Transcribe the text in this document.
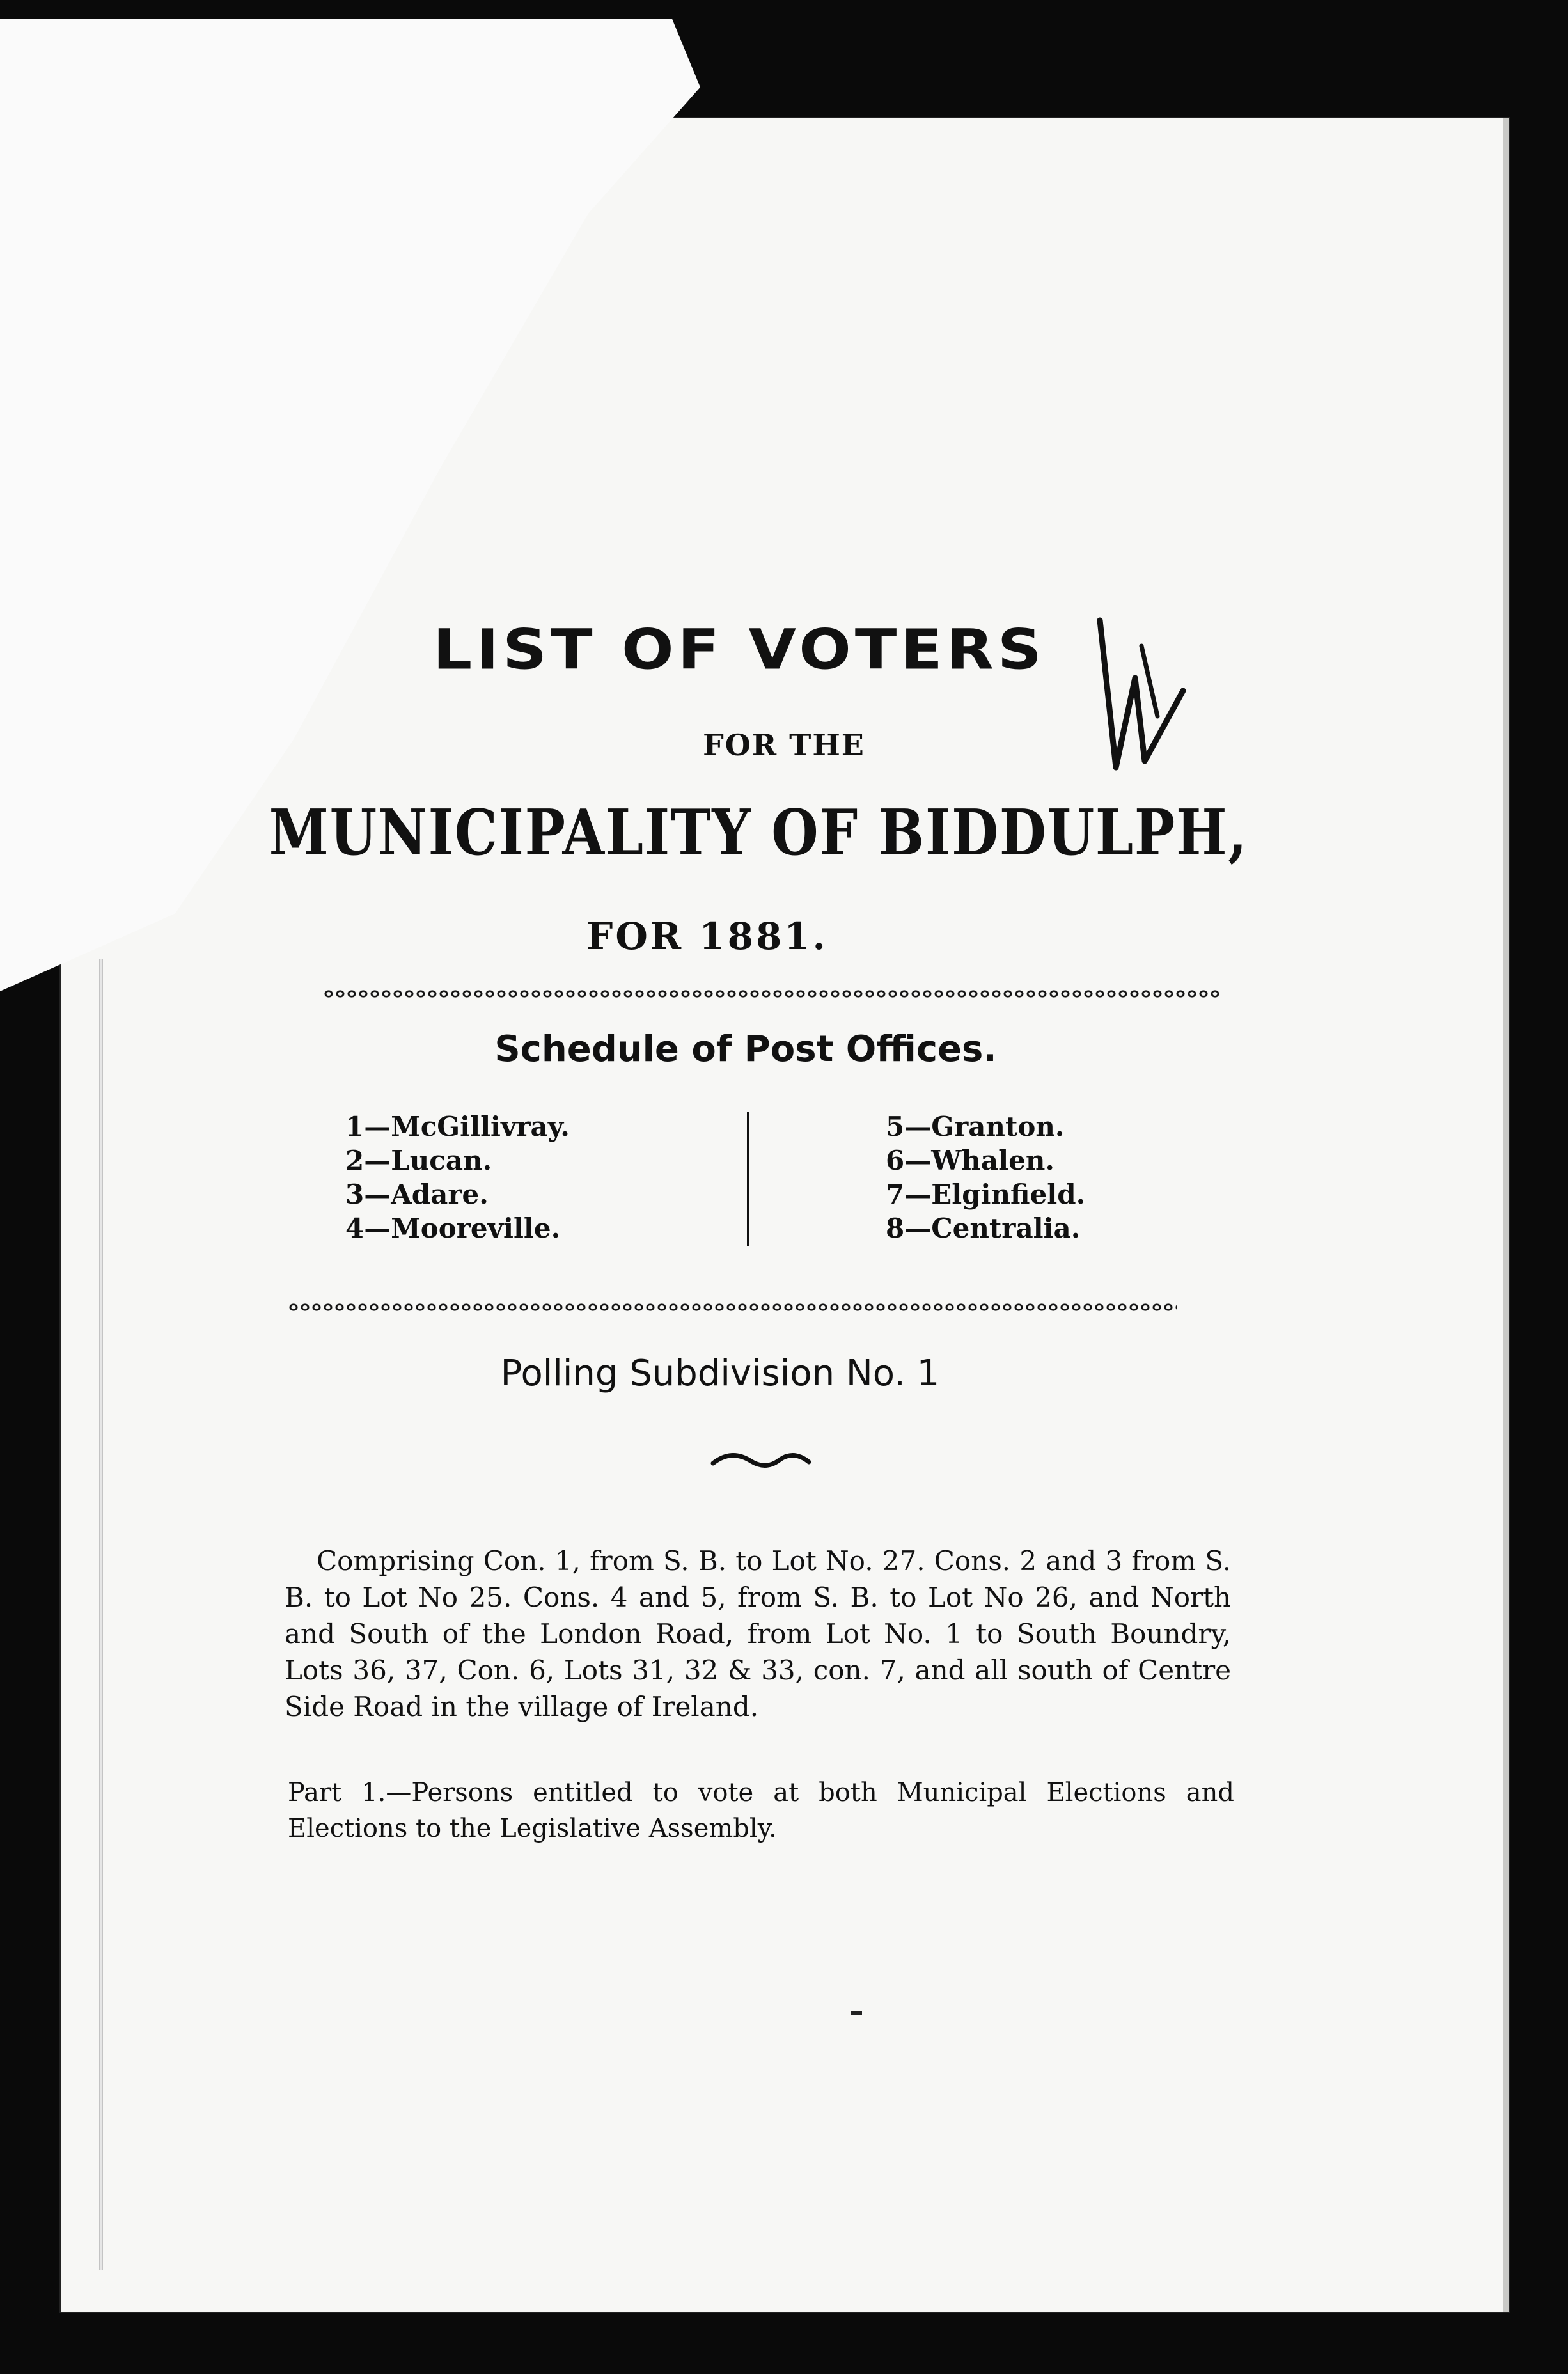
LIST OF VOTERS
FOR THE
MUNICIPALITY OF BIDDULPH,
FOR 1881.
Schedule of Post Offices.
1—McGillivray.
2—Lucan.
3—Adare.
4—Mooreville.
5—Granton.
6—Whalen.
7—Elginfield.
8—Centralia.
Polling Subdivision No. 1

Comprising Con. 1, from S. B. to Lot No. 27. Cons. 2 and 3 from S. B. to Lot No 25. Cons. 4 and 5, from S. B. to Lot No 26, and North and South of the London Road, from Lot No. 1 to South Boundry, Lots 36, 37, Con. 6, Lots 31, 32 & 33, con. 7, and all south of Centre Side Road in the village of Ireland.

Part 1.—Persons entitled to vote at both Municipal Elections and Elections to the Legislative Assembly.
